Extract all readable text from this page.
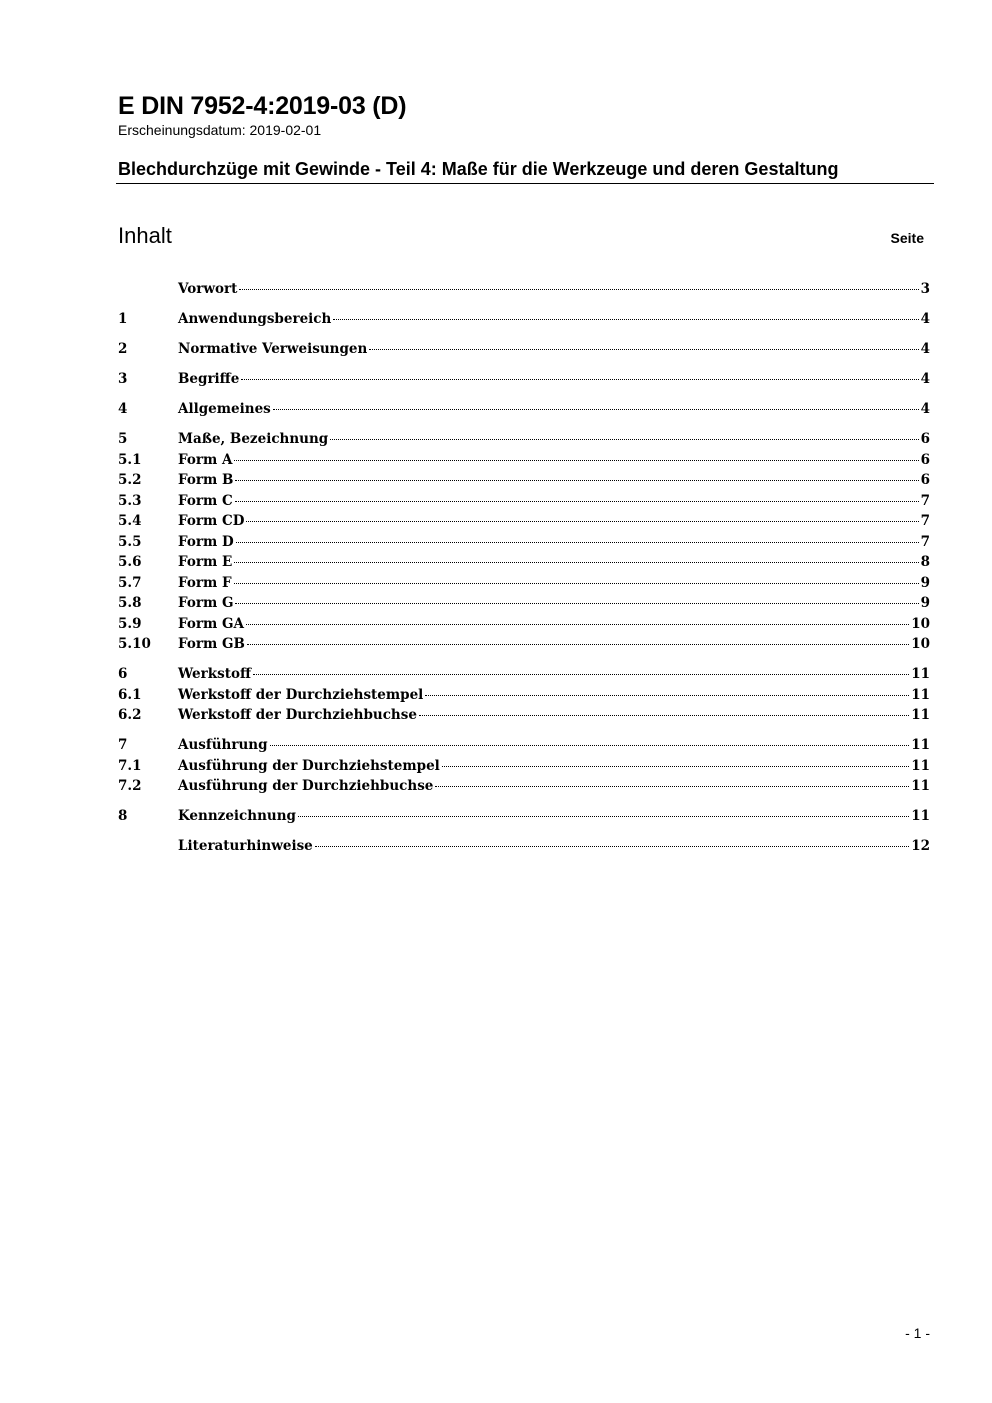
E DIN 7952-4:2019-03 (D)
Erscheinungsdatum: 2019-02-01
Blechdurchzüge mit Gewinde - Teil 4: Maße für die Werkzeuge und deren Gestaltung
Inhalt	Seite
Vorwort	3
1	Anwendungsbereich	4
2	Normative Verweisungen	4
3	Begriffe	4
4	Allgemeines	4
5	Maße, Bezeichnung	6
5.1	Form A	6
5.2	Form B	6
5.3	Form C	7
5.4	Form CD	7
5.5	Form D	7
5.6	Form E	8
5.7	Form F	9
5.8	Form G	9
5.9	Form GA	10
5.10	Form GB	10
6	Werkstoff	11
6.1	Werkstoff der Durchziehstempel	11
6.2	Werkstoff der Durchziehbuchse	11
7	Ausführung	11
7.1	Ausführung der Durchziehstempel	11
7.2	Ausführung der Durchziehbuchse	11
8	Kennzeichnung	11
Literaturhinweise	12
- 1 -
